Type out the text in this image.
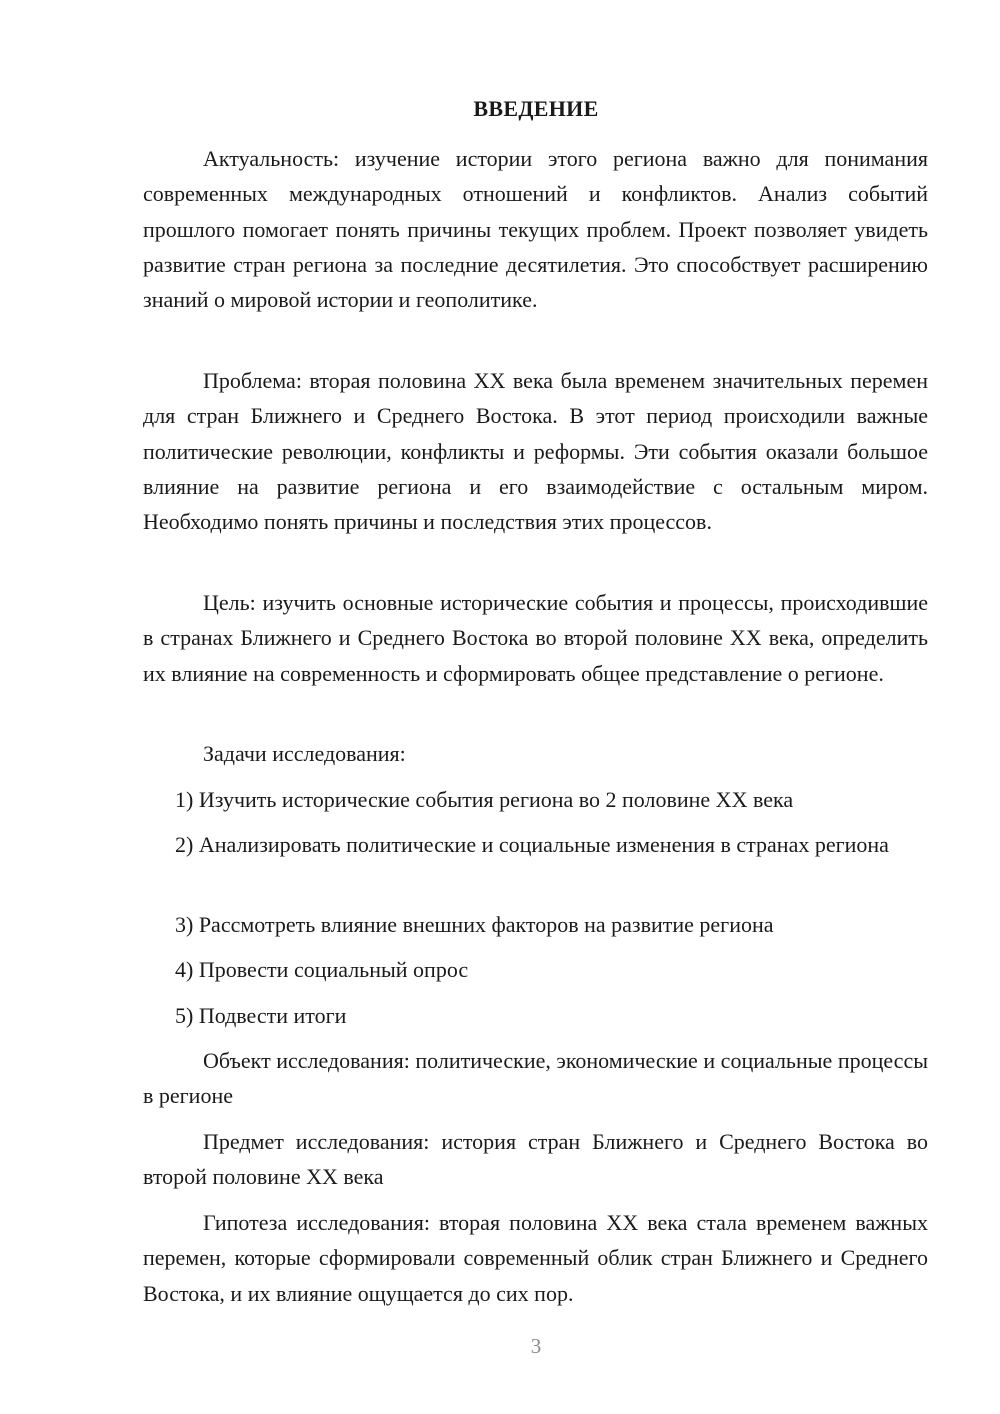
ВВЕДЕНИЕ

Актуальность: изучение истории этого региона важно для понимания современных международных отношений и конфликтов. Анализ событий прошлого помогает понять причины текущих проблем. Проект позволяет увидеть развитие стран региона за последние десятилетия. Это способствует расширению знаний о мировой истории и геополитике.

Проблема: вторая половина XX века была временем значительных перемен для стран Ближнего и Среднего Востока. В этот период происходили важные политические революции, конфликты и реформы. Эти события оказали большое влияние на развитие региона и его взаимодействие с остальным миром. Необходимо понять причины и последствия этих процессов.

Цель: изучить основные исторические события и процессы, происходившие в странах Ближнего и Среднего Востока во второй половине XX века, определить их влияние на современность и сформировать общее представление о регионе.

Задачи исследования:

1) Изучить исторические события региона во 2 половине XX века

2) Анализировать политические и социальные изменения в странах региона

3) Рассмотреть влияние внешних факторов на развитие региона

4) Провести социальный опрос

5) Подвести итоги

Объект исследования: политические, экономические и социальные процессы в регионе

Предмет исследования: история стран Ближнего и Среднего Востока во второй половине XX века

Гипотеза исследования: вторая половина XX века стала временем важных перемен, которые сформировали современный облик стран Ближнего и Среднего Востока, и их влияние ощущается до сих пор.

3
